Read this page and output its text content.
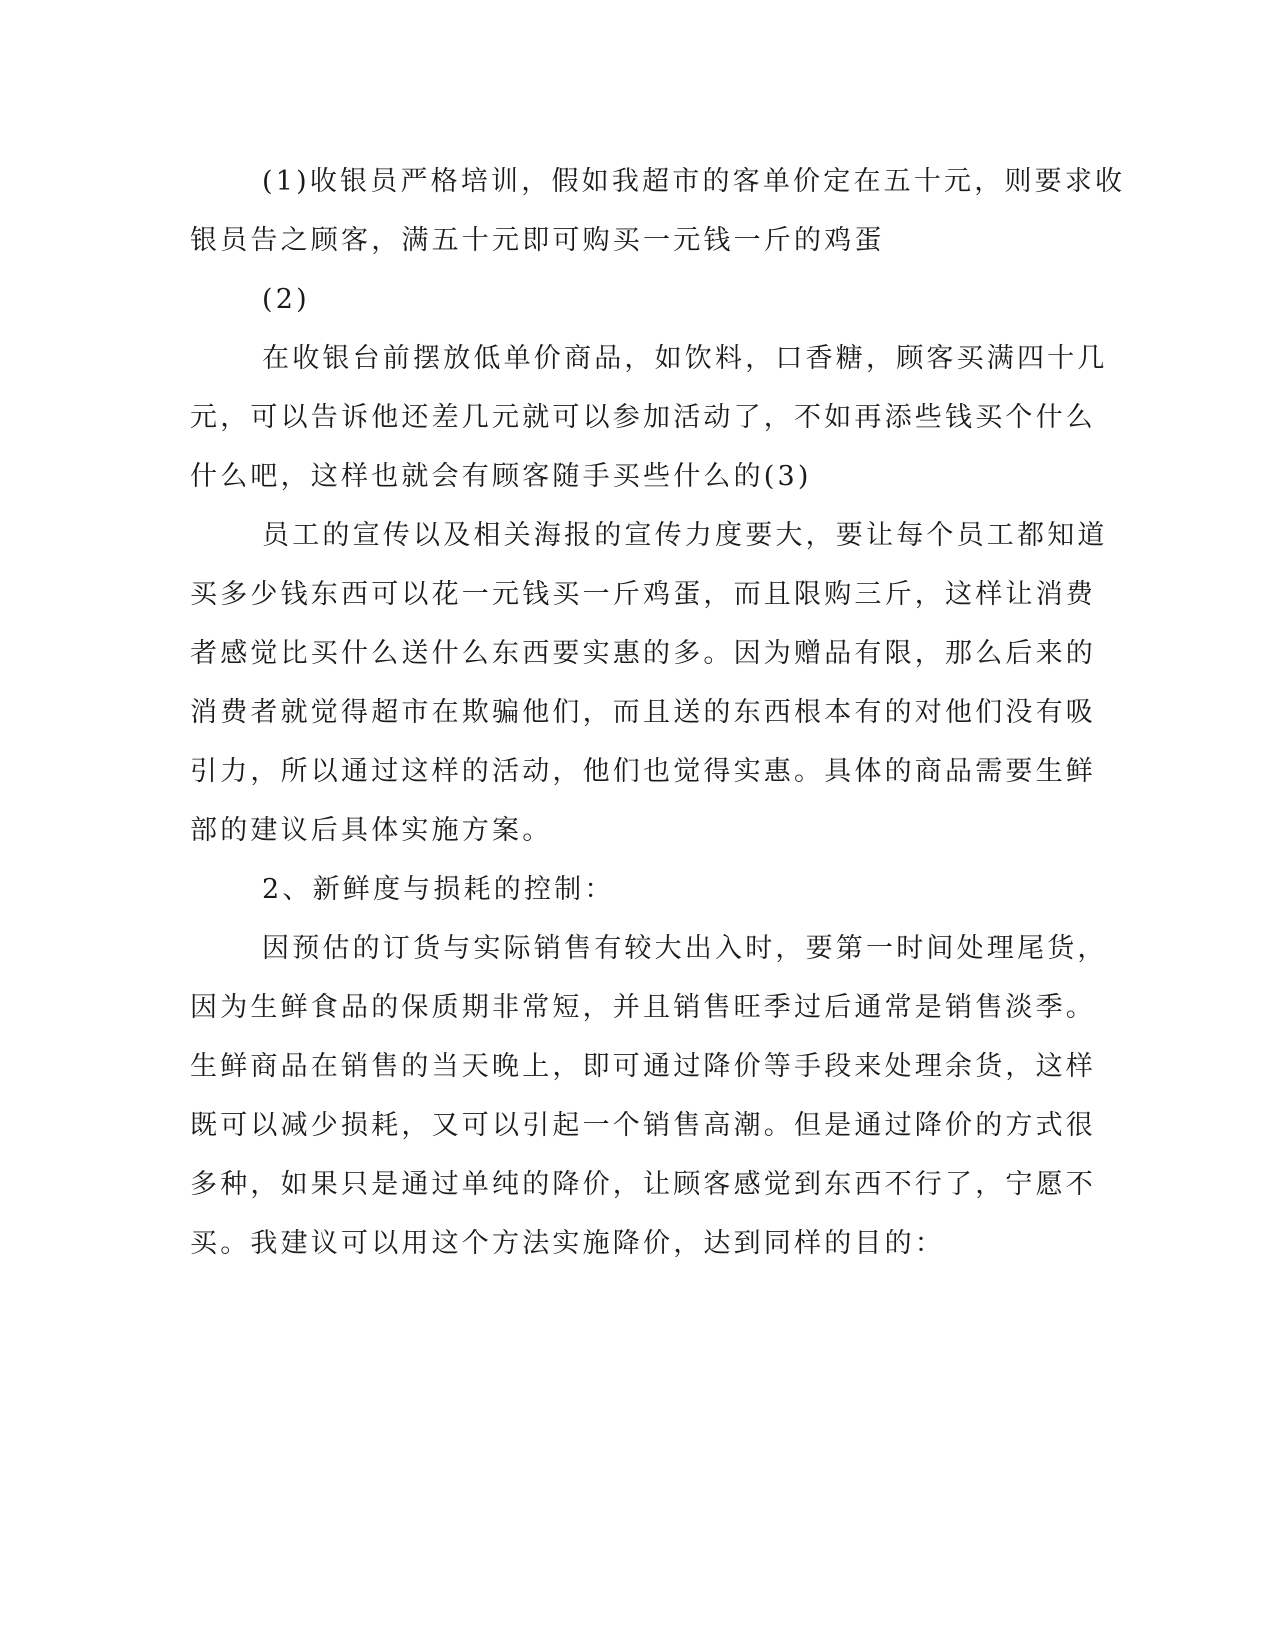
(1)收银员严格培训，假如我超市的客单价定在五十元，则要求收
银员告之顾客，满五十元即可购买一元钱一斤的鸡蛋
(2)
在收银台前摆放低单价商品，如饮料，口香糖，顾客买满四十几
元，可以告诉他还差几元就可以参加活动了，不如再添些钱买个什么
什么吧，这样也就会有顾客随手买些什么的(3)
员工的宣传以及相关海报的宣传力度要大，要让每个员工都知道
买多少钱东西可以花一元钱买一斤鸡蛋，而且限购三斤，这样让消费
者感觉比买什么送什么东西要实惠的多。因为赠品有限，那么后来的
消费者就觉得超市在欺骗他们，而且送的东西根本有的对他们没有吸
引力，所以通过这样的活动，他们也觉得实惠。具体的商品需要生鲜
部的建议后具体实施方案。
2、新鲜度与损耗的控制：
因预估的订货与实际销售有较大出入时，要第一时间处理尾货，
因为生鲜食品的保质期非常短，并且销售旺季过后通常是销售淡季。
生鲜商品在销售的当天晚上，即可通过降价等手段来处理余货，这样
既可以减少损耗，又可以引起一个销售高潮。但是通过降价的方式很
多种，如果只是通过单纯的降价，让顾客感觉到东西不行了，宁愿不
买。我建议可以用这个方法实施降价，达到同样的目的：
